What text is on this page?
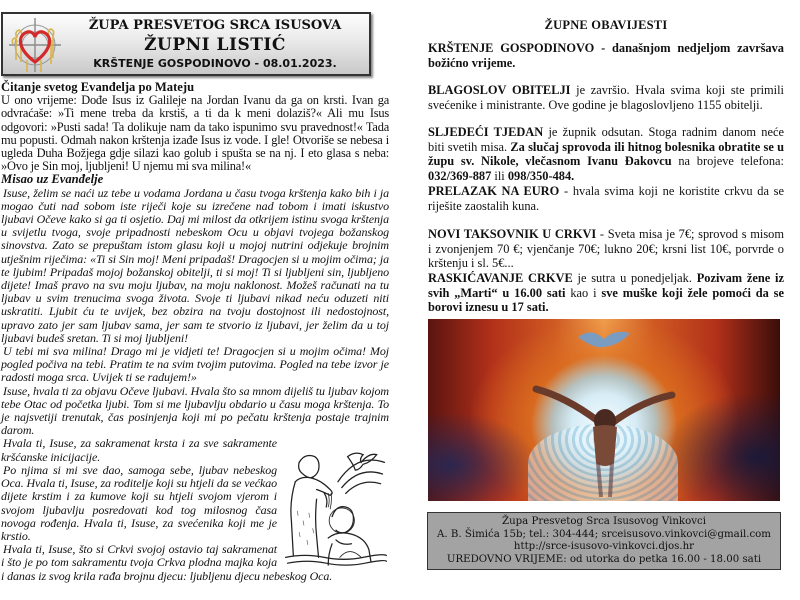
ŽUPA PRESVETOG SRCA ISUSOVA
ŽUPNI LISTIĆ
KRŠTENJE GOSPODINOVO - 08.01.2023.
Čitanje svetog Evanđelja po Mateju

U ono vrijeme: Dođe Isus iz Galileje na Jordan Ivanu da ga on krsti. Ivan ga odvraćaše: »Ti mene treba da krstiš, a ti da k meni dolaziš?« Ali mu Isus odgovori: »Pusti sada! Ta dolikuje nam da tako ispunimo svu pravednost!« Tada mu popusti. Odmah nakon krštenja izađe Isus iz vode. I gle! Otvoriše se nebesa i ugleda Duha Božjega gdje silazi kao golub i spušta se na nj. I eto glasa s neba: »Ovo je Sin moj, ljubljeni! U njemu mi sva milina!«

Misao uz Evanđelje

Isuse, želim se naći uz tebe u vodama Jordana u času tvoga krštenja kako bih i ja mogao čuti nad sobom iste riječi koje su izrečene nad tobom i imati iskustvo ljubavi Očeve kako si ga ti osjetio. Daj mi milost da otkrijem istinu svoga krštenja u svijetlu tvoga, svoje pripadnosti nebeskom Ocu u objavi tvojega božanskog sinovstva. Zato se prepuštam istom glasu koji u mojoj nutrini odjekuje brojnim utješnim riječima: «Ti si Sin moj! Meni pripadaš! Dragocjen si u mojim očima; ja te ljubim! Pripadaš mojoj božanskoj obitelji, ti si moj! Ti si ljubljeni sin, ljubljeno dijete! Imaš pravo na svu moju ljubav, na moju naklonost. Možeš računati na tu ljubav u svim trenucima svoga života. Svoje ti ljubavi nikad neću oduzeti niti uskratiti. Ljubit ću te uvijek, bez obzira na tvoju dostojnost ili nedostojnost, upravo zato jer sam ljubav sama, jer sam te stvorio iz ljubavi, jer želim da u toj ljubavi budeš sretan. Ti si moj ljubljeni!

U tebi mi sva milina! Drago mi je vidjeti te! Dragocjen si u mojim očima! Moj pogled počiva na tebi. Pratim te na svim tvojim putovima. Pogled na tebe izvor je radosti moga srca. Uvijek ti se radujem!»

Isuse, hvala ti za objavu Očeve ljubavi. Hvala što sa mnom dijeliš tu ljubav kojom tebe Otac od početka ljubi. Tom si me ljubavlju obdario u času moga krštenja. To je najsvetiji trenutak, čas posinjenja koji mi po pečatu krštenja postaje trajnim darom.

Hvala ti, Isuse, za sakramenat krsta i za sve sakramente kršćanske inicijacije.

Po njima si mi sve dao, samoga sebe, ljubav nebeskog Oca. Hvala ti, Isuse, za roditelje koji su htjeli da se većkao dijete krstim i za kumove koji su htjeli svojom vjerom i svojom ljubavlju posredovati kod tog milosnog časa novoga rođenja. Hvala ti, Isuse, za svećenika koji me je krstio.

Hvala ti, Isuse, što si Crkvi svojoj ostavio taj sakramenat i što je po tom sakramentu tvoja Crkva plodna majka koja i danas iz svog krila rađa brojnu djecu: ljubljenu djecu nebeskog Oca.

ŽUPNE OBAVIJESTI
KRŠTENJE GOSPODINOVO - današnjom nedjeljom završava božićno vrijeme.
BLAGOSLOV OBITELJI je završio. Hvala svima koji ste primili svećenike i ministrante. Ove godine je blagoslovljeno 1155 obitelji.
SLJEDEĆI TJEDAN je župnik odsutan. Stoga radnim danom neće biti svetih misa. Za slučaj sprovoda ili hitnog bolesnika obratite se u župu sv. Nikole, vlečasnom Ivanu Đakovcu na brojeve telefona: 032/369-887 ili 098/350-484.
PRELAZAK NA EURO - hvala svima koji ne koristite crkvu da se riješite zaostalih kuna.
NOVI TAKSOVNIK U CRKVI - Sveta misa je 7€; sprovod s misom i zvonjenjem 70 €; vjenčanje 70€; lukno 20€; krsni list 10€, porvrde o krštenju i sl. 5€...
RASKIĆAVANJE CRKVE je sutra u ponedjeljak. Pozivam žene iz svih „Marti“ u 16.00 sati kao i sve muške koji žele pomoći da se borovi iznesu u 17 sati.
Župa Presvetog Srca Isusovog Vinkovci
A. B. Šimića 15b; tel.: 304-444; srceisusovo.vinkovci@gmail.com
http://srce-isusovo-vinkovci.djos.hr
UREDOVNO VRIJEME: od utorka do petka 16.00 - 18.00 sati
